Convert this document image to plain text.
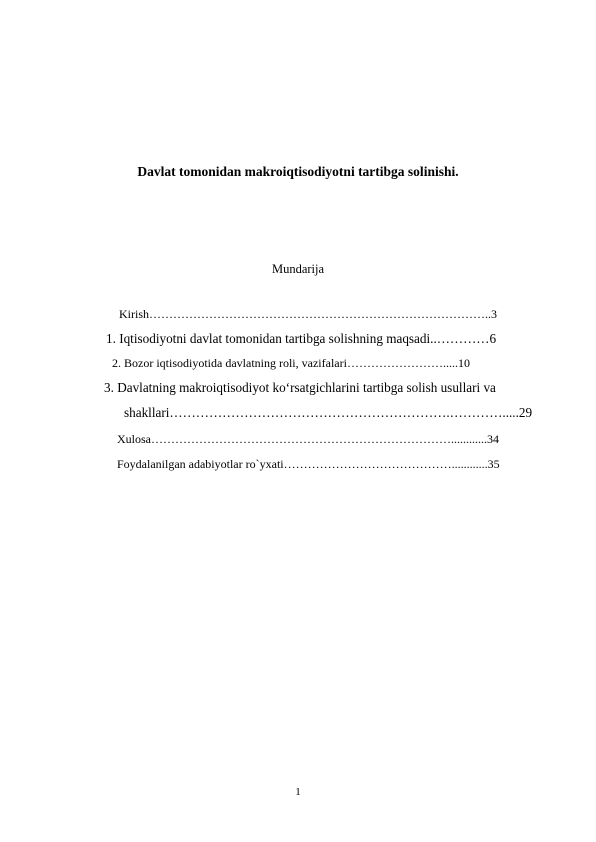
Davlat tomonidan makroiqtisodiyotni tartibga solinishi.
Mundarija
Kirish…………………………………………………………………………..3
1. Iqtisodiyotni davlat tomonidan tartibga solishning maqsadi..…………6
2. Bozor iqtisodiyotida davlatning roli, vazifalari…………………….....10
3. Davlatning makroiqtisodiyot ko‘rsatgichlarini tartibga solish usullari va
shakllari……………………………………………………….………….....29
Xulosa…………………………………………………………………............34
Foydalanilgan adabiyotlar ro`yxati……………………………………............35
1
